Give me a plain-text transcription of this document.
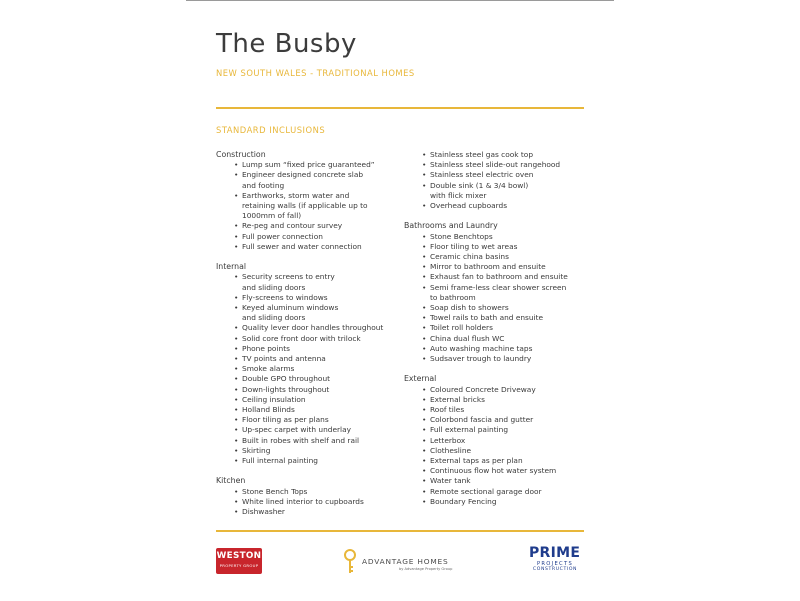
The Busby
NEW SOUTH WALES - TRADITIONAL HOMES
STANDARD INCLUSIONS
Construction
• Lump sum “fixed price guaranteed”
• Engineer designed concrete slab
and footing
• Earthworks, storm water and
retaining walls (if applicable up to
1000mm of fall)
• Re-peg and contour survey
• Full power connection
• Full sewer and water connection
Internal
• Security screens to entry
and sliding doors
• Fly-screens to windows
• Keyed aluminum windows
and sliding doors
• Quality lever door handles throughout
• Solid core front door with trilock
• Phone points
• TV points and antenna
• Smoke alarms
• Double GPO throughout
• Down-lights throughout
• Ceiling insulation
• Holland Blinds
• Floor tiling as per plans
• Up-spec carpet with underlay
• Built in robes with shelf and rail
• Skirting
• Full internal painting
Kitchen
• Stone Bench Tops
• White lined interior to cupboards
• Dishwasher
• Stainless steel gas cook top
• Stainless steel slide-out rangehood
• Stainless steel electric oven
• Double sink (1 & 3/4 bowl)
with flick mixer
• Overhead cupboards
Bathrooms and Laundry
• Stone Benchtops
• Floor tiling to wet areas
• Ceramic china basins
• Mirror to bathroom and ensuite
• Exhaust fan to bathroom and ensuite
• Semi frame-less clear shower screen
to bathroom
• Soap dish to showers
• Towel rails to bath and ensuite
• Toilet roll holders
• China dual flush WC
• Auto washing machine taps
• Sudsaver trough to laundry
External
• Coloured Concrete Driveway
• External bricks
• Roof tiles
• Colorbond fascia and gutter
• Full external painting
• Letterbox
• Clothesline
• External taps as per plan
• Continuous flow hot water system
• Water tank
• Remote sectional garage door
• Boundary Fencing
WESTON
PROPERTY GROUP	ADVANTAGE HOMES
by Advantage Property Group
PRIME
PROJECTS
CONSTRUCTION
